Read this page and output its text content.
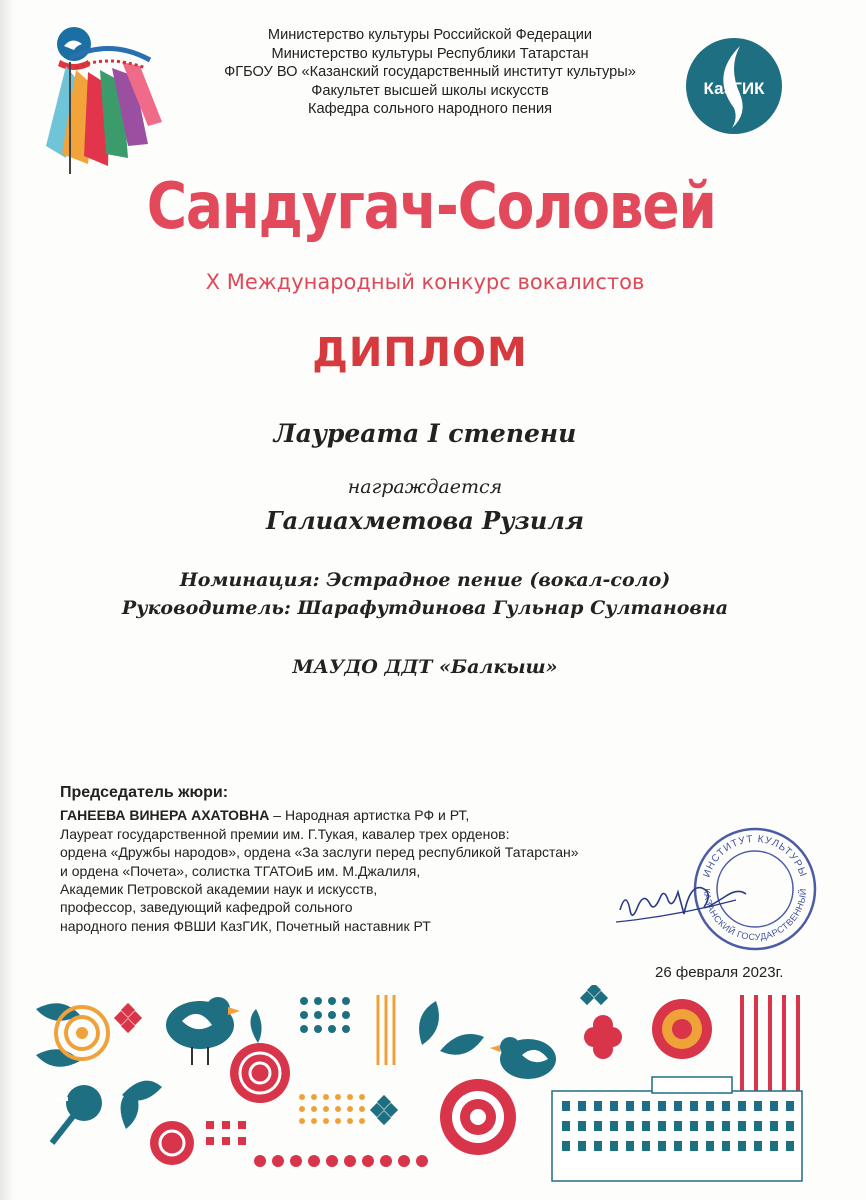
Министерство культуры Российской Федерации
Министерство культуры Республики Татарстан
ФГБОУ ВО «Казанский государственный институт культуры»
Факультет высшей школы искусств
Кафедра сольного народного пения
КазГИК
Сандугач-Соловей
X Международный конкурс вокалистов
ДИПЛОМ
Лауреата I степени
награждается
Галиахметова Рузиля
Номинация: Эстрадное пение (вокал-соло)
Руководитель: Шарафутдинова Гульнар Султановна
МАУДО ДДТ «Балкыш»
Председатель жюри:
ГАНЕЕВА ВИНЕРА АХАТОВНА – Народная артистка РФ и РТ,
Лауреат государственной премии им. Г.Тукая, кавалер трех орденов:
ордена «Дружбы народов», ордена «За заслуги перед республикой Татарстан»
и ордена «Почета», солистка ТГАТОиБ им. М.Джалиля,
Академик Петровской академии наук и искусств,
профессор, заведующий кафедрой сольного
народного пения ФВШИ КазГИК, Почетный наставник РТ
ИНСТИТУТ КУЛЬТУРЫ
КАЗАНСКИЙ ГОСУДАРСТВЕННЫЙ
26 февраля 2023г.
